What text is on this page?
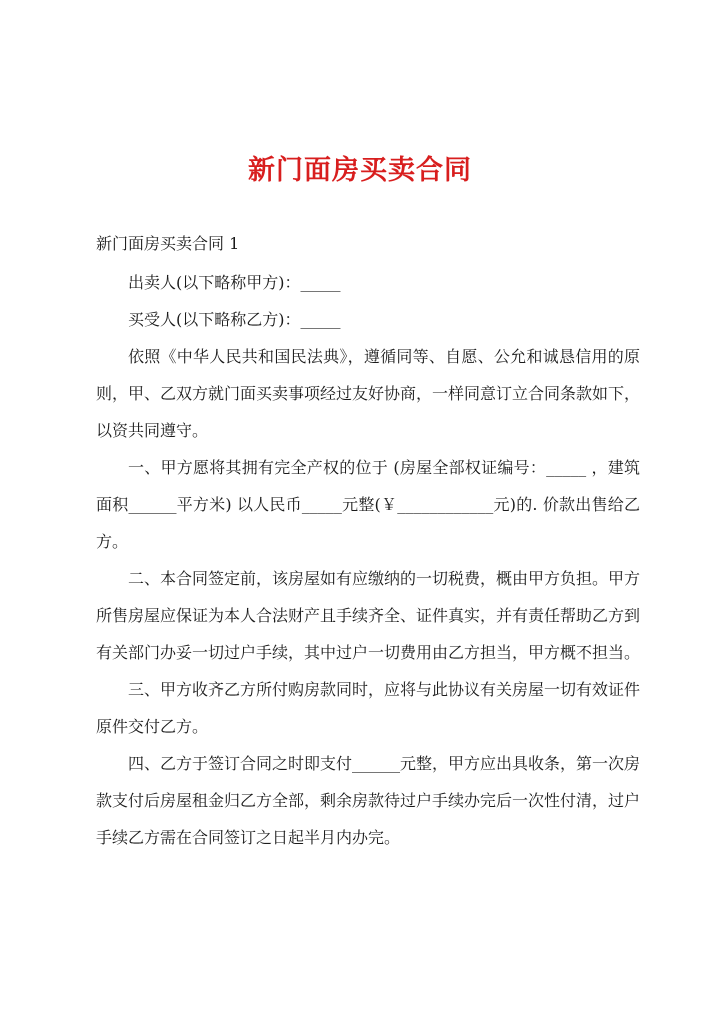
新门面房买卖合同

新门面房买卖合同 1

出卖人(以下略称甲方)：_____

买受人(以下略称乙方)：_____

依照《中华人民共和国民法典》，遵循同等、自愿、公允和诚恳信用的原则，甲、乙双方就门面买卖事项经过友好协商，一样同意订立合同条款如下，以资共同遵守。

一、甲方愿将其拥有完全产权的位于 (房屋全部权证编号：_____ ，建筑面积______平方米) 以人民币_____元整(￥____________元)的. 价款出售给乙方。

二、本合同签定前，该房屋如有应缴纳的一切税费，概由甲方负担。甲方所售房屋应保证为本人合法财产且手续齐全、证件真实，并有责任帮助乙方到有关部门办妥一切过户手续，其中过户一切费用由乙方担当，甲方概不担当。

三、甲方收齐乙方所付购房款同时，应将与此协议有关房屋一切有效证件原件交付乙方。

四、乙方于签订合同之时即支付______元整，甲方应出具收条，第一次房款支付后房屋租金归乙方全部，剩余房款待过户手续办完后一次性付清，过户手续乙方需在合同签订之日起半月内办完。
